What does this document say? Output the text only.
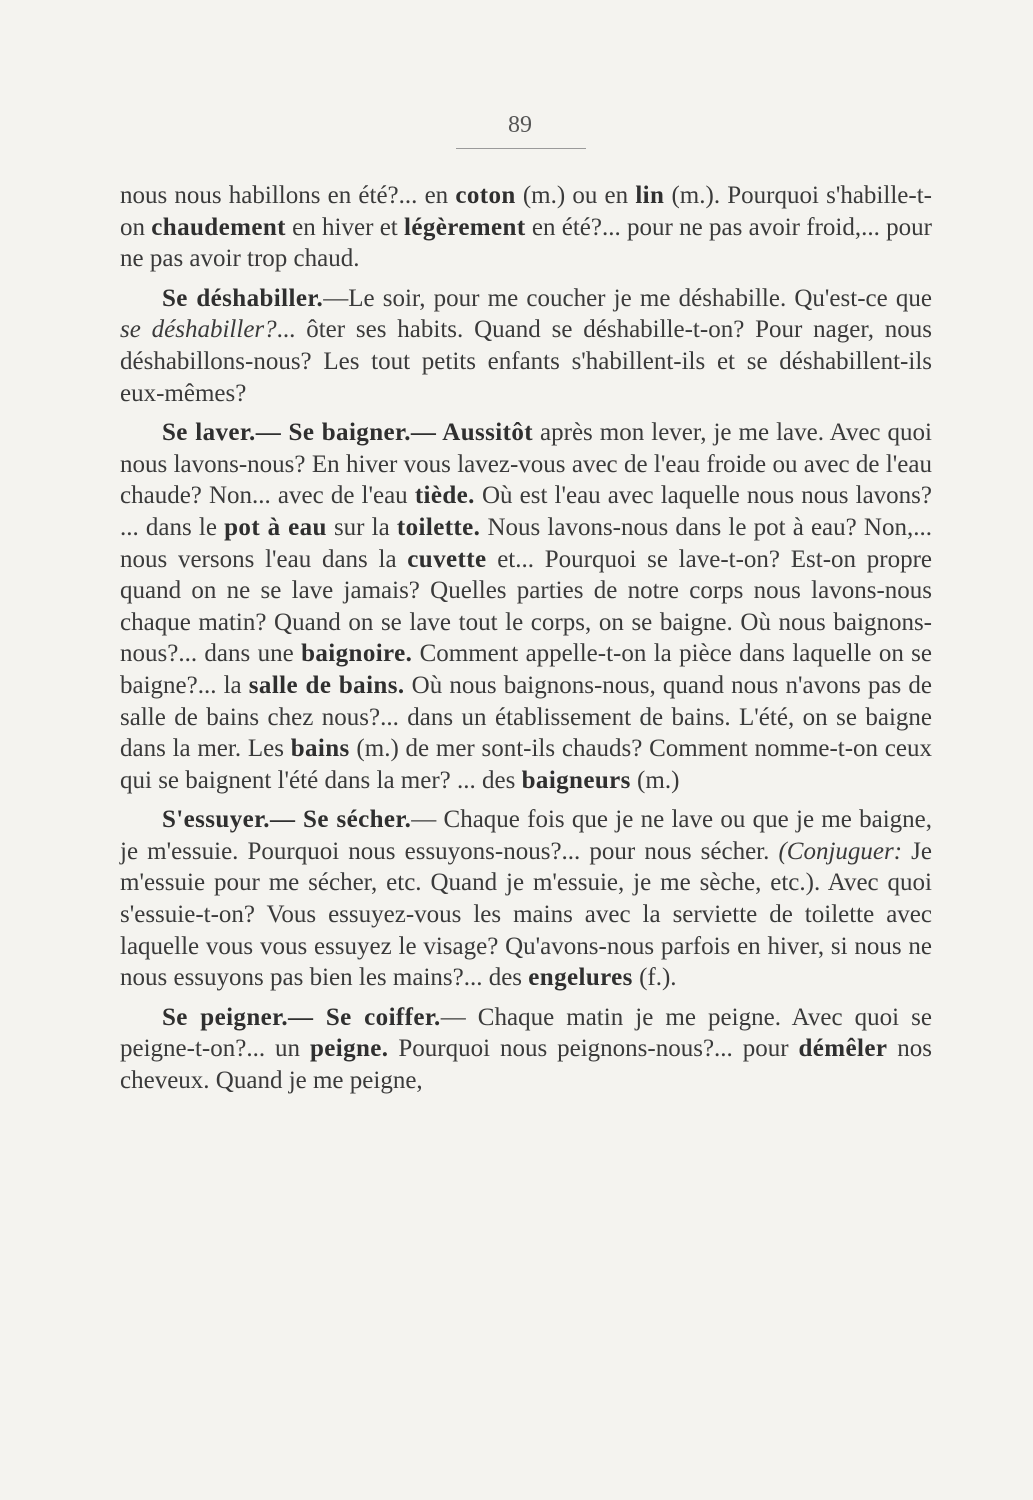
89

nous nous habillons en été?... en coton (m.) ou en lin (m.). Pourquoi s'habille-t-on chaudement en hiver et légèrement en été?... pour ne pas avoir froid,... pour ne pas avoir trop chaud.

Se déshabiller.—Le soir, pour me coucher je me déshabille. Qu'est-ce que se déshabiller?... ôter ses habits. Quand se déshabille-t-on? Pour nager, nous déshabillons-nous? Les tout petits enfants s'habillent-ils et se déshabillent-ils eux-mêmes?

Se laver.— Se baigner.— Aussitôt après mon lever, je me lave. Avec quoi nous lavons-nous? En hiver vous lavez-vous avec de l'eau froide ou avec de l'eau chaude? Non... avec de l'eau tiède. Où est l'eau avec laquelle nous nous lavons? ... dans le pot à eau sur la toilette. Nous lavons-nous dans le pot à eau? Non,... nous versons l'eau dans la cuvette et... Pourquoi se lave-t-on? Est-on propre quand on ne se lave jamais? Quelles parties de notre corps nous lavons-nous chaque matin? Quand on se lave tout le corps, on se baigne. Où nous baignons-nous?... dans une baignoire. Comment appelle-t-on la pièce dans laquelle on se baigne?... la salle de bains. Où nous baignons-nous, quand nous n'avons pas de salle de bains chez nous?... dans un établissement de bains. L'été, on se baigne dans la mer. Les bains (m.) de mer sont-ils chauds? Comment nomme-t-on ceux qui se baignent l'été dans la mer? ... des baigneurs (m.)

S'essuyer.— Se sécher.— Chaque fois que je ne lave ou que je me baigne, je m'essuie. Pourquoi nous essuyons-nous?... pour nous sécher. (Conjuguer: Je m'essuie pour me sécher, etc. Quand je m'essuie, je me sèche, etc.). Avec quoi s'essuie-t-on? Vous essuyez-vous les mains avec la serviette de toilette avec laquelle vous vous essuyez le visage? Qu'avons-nous parfois en hiver, si nous ne nous essuyons pas bien les mains?... des engelures (f.).

Se peigner.— Se coiffer.— Chaque matin je me peigne. Avec quoi se peigne-t-on?... un peigne. Pourquoi nous peignons-nous?... pour démêler nos cheveux. Quand je me peigne,
